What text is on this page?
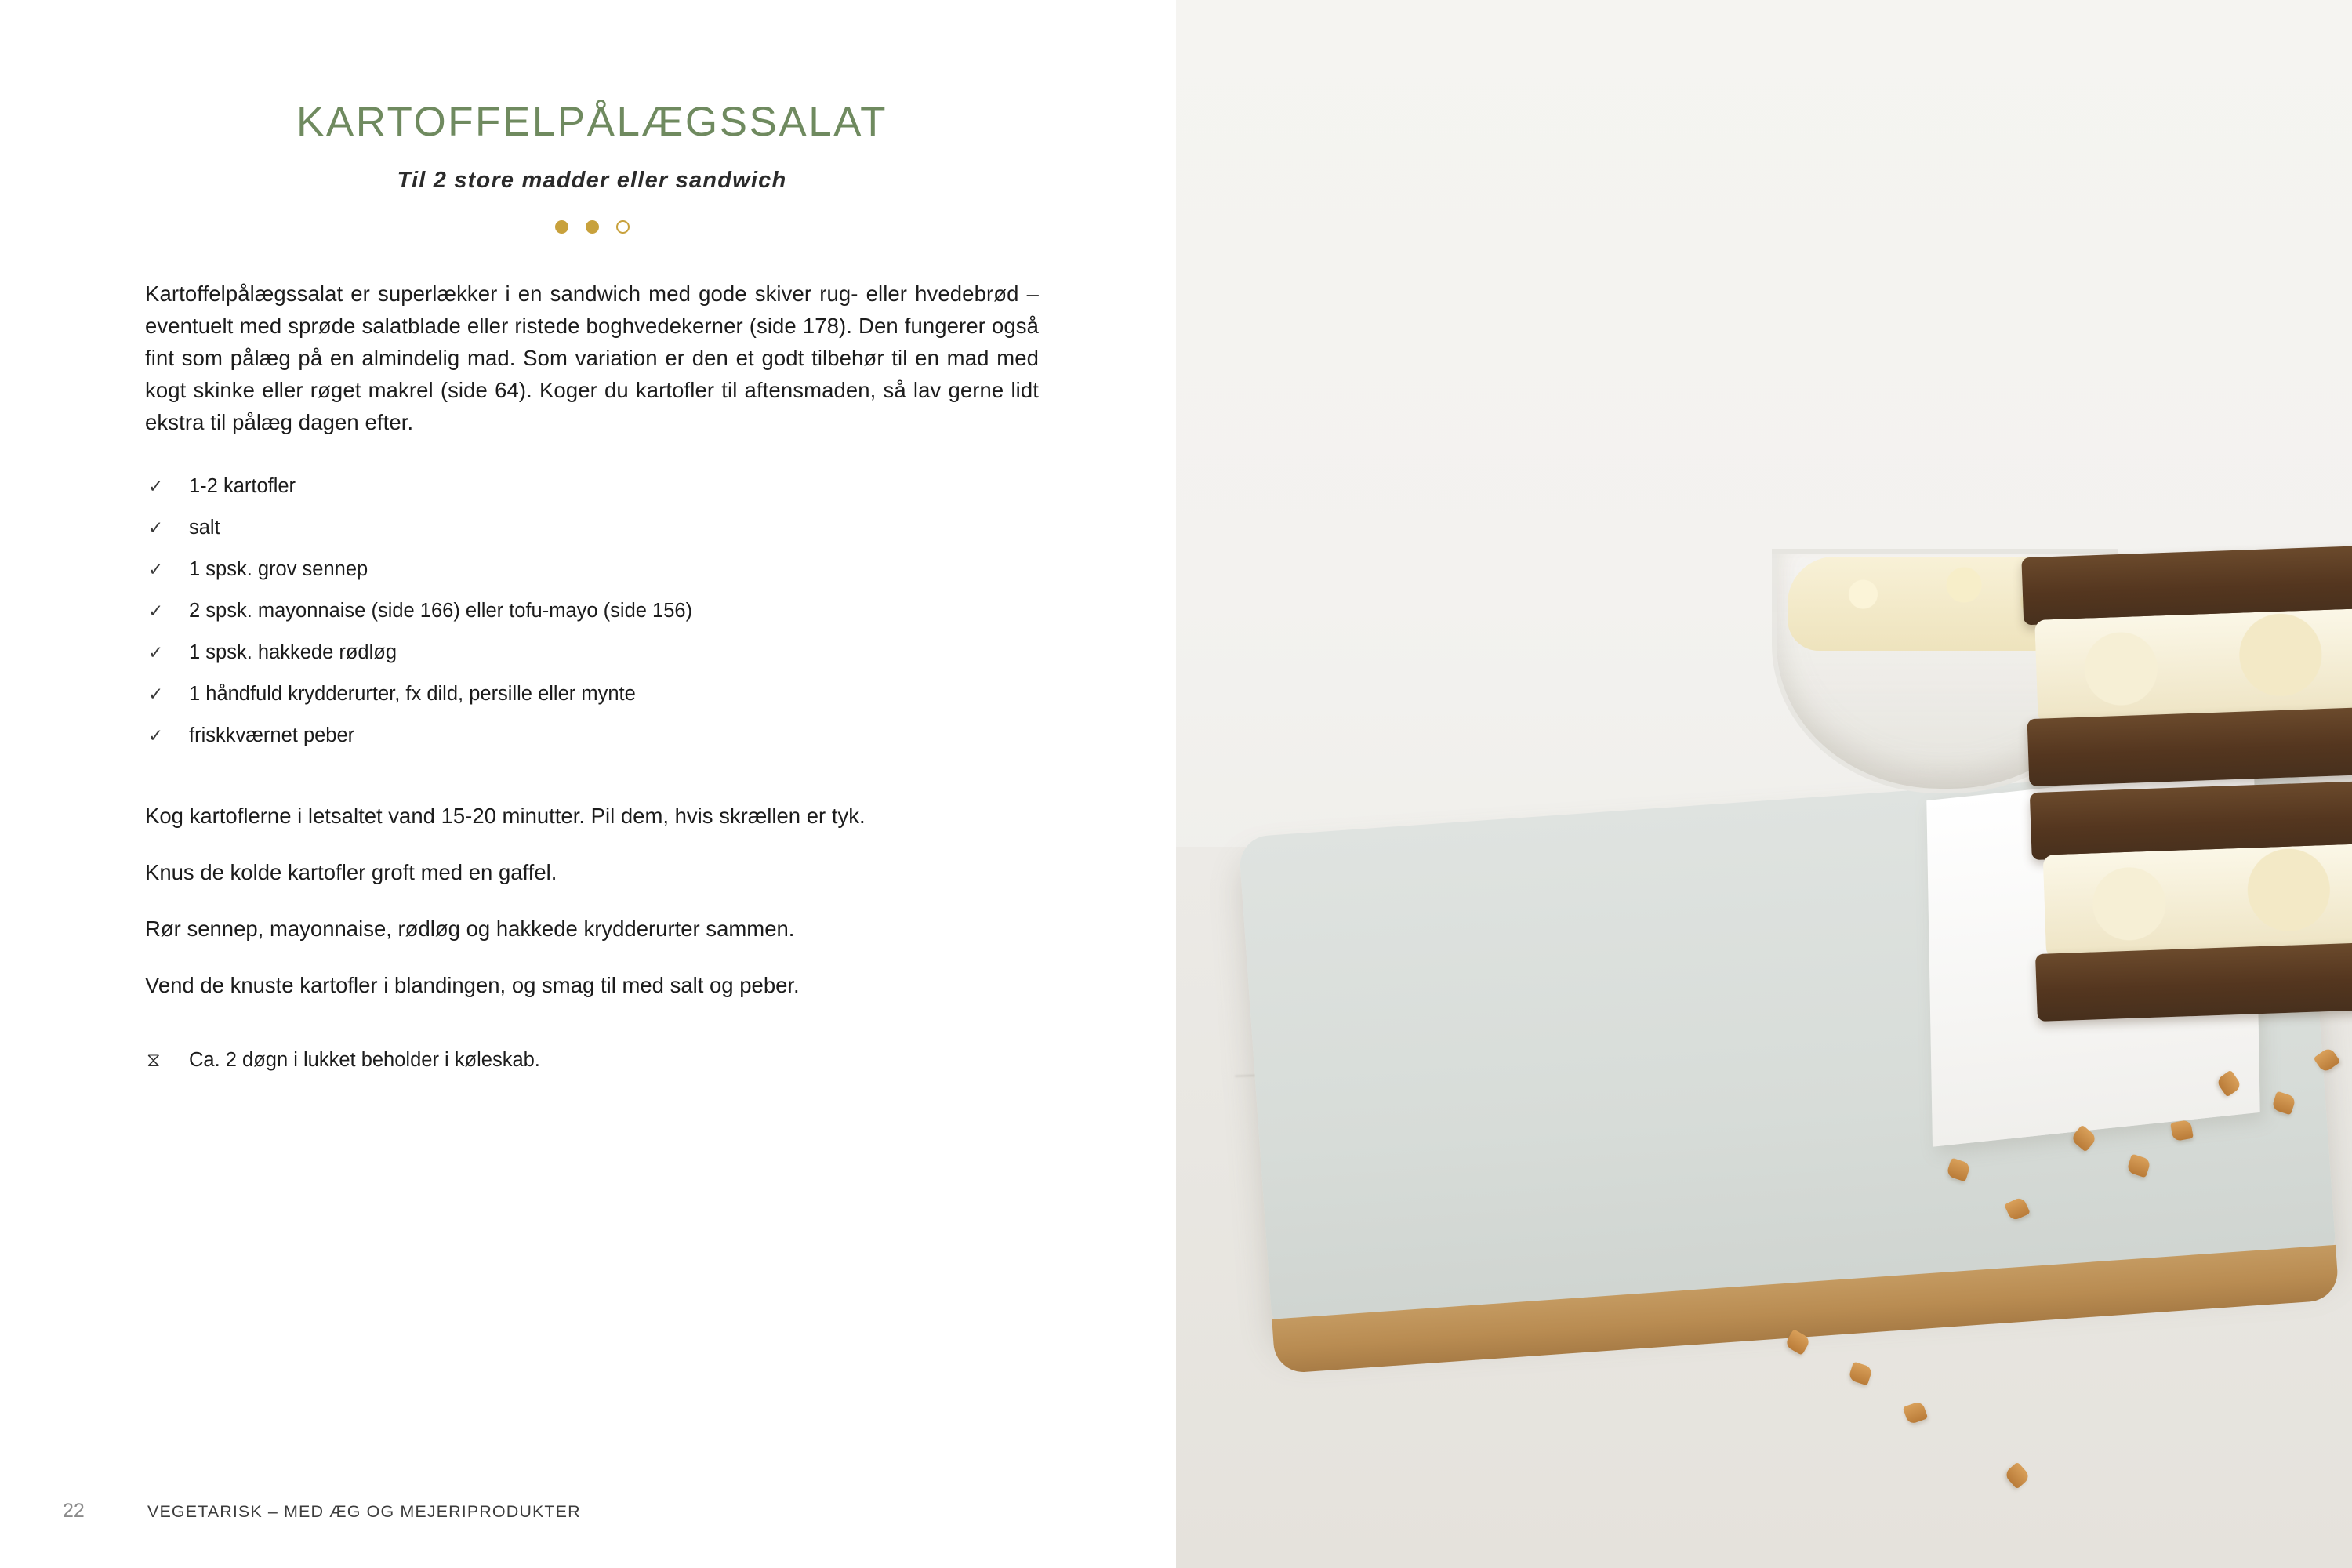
KARTOFFELPÅLÆGSSALAT
Til 2 store madder eller sandwich

Kartoffelpålægssalat er superlækker i en sandwich med gode skiver rug- eller hvedebrød – eventuelt med sprøde salatblade eller ristede boghvedekerner (side 178). Den fungerer også fint som pålæg på en almindelig mad. Som variation er den et godt tilbehør til en mad med kogt skinke eller røget makrel (side 64). Koger du kartofler til aftensmaden, så lav gerne lidt ekstra til pålæg dagen efter.

✓	1-2 kartofler
✓	salt
✓	1 spsk. grov sennep
✓	2 spsk. mayonnaise (side 166) eller tofu-mayo (side 156)
✓	1 spsk. hakkede rødløg
✓	1 håndfuld krydderurter, fx dild, persille eller mynte
✓	friskkværnet peber

Kog kartoflerne i letsaltet vand 15-20 minutter. Pil dem, hvis skrællen er tyk.

Knus de kolde kartofler groft med en gaffel.

Rør sennep, mayonnaise, rødløg og hakkede krydderurter sammen.

Vend de knuste kartofler i blandingen, og smag til med salt og peber.

⧖	Ca. 2 døgn i lukket beholder i køleskab.
22	VEGETARISK – MED ÆG OG MEJERIPRODUKTER
